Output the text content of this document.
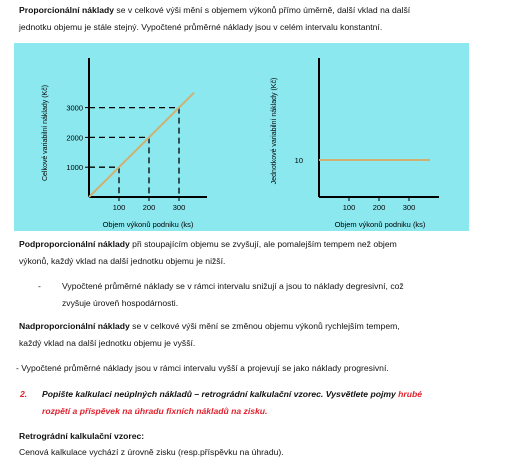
Proporcionální náklady se v celkové výši mění s objemem výkonů přímo úměrně, další vklad na další
jednotku objemu je stále stejný. Vypočtené průměrné náklady jsou v celém intervalu konstantní.
1000
2000
3000
100 200 300
Objem výkonů podniku (ks)
Celkové variabilní náklady (Kč)	10
100 200 300
Objem výkonů podniku (ks)
Jednotkové variabilní náklady (Kč)
Podproporcionální náklady při stoupajícím objemu se zvyšují, ale pomalejším tempem než objem
výkonů, každý vklad na další jednotku objemu je nižší.
- Vypočtené průměrné náklady se v rámci intervalu snižují a jsou to náklady degresivní, což
zvyšuje úroveň hospodárnosti.
Nadproporcionální náklady se v celkové výši mění se změnou objemu výkonů rychlejším tempem,
každý vklad na další jednotku objemu je vyšší.
- Vypočtené průměrné náklady jsou v rámci intervalu vyšší a projevují se jako náklady progresivní.
2. Popište kalkulaci neúplných nákladů – retrográdní kalkulační vzorec. Vysvětlete pojmy hrubé
rozpětí a příspěvek na úhradu fixních nákladů na zisku.
Retrográdní kalkulační vzorec:
Cenová kalkulace vychází z úrovně zisku (resp.příspěvku na úhradu).
